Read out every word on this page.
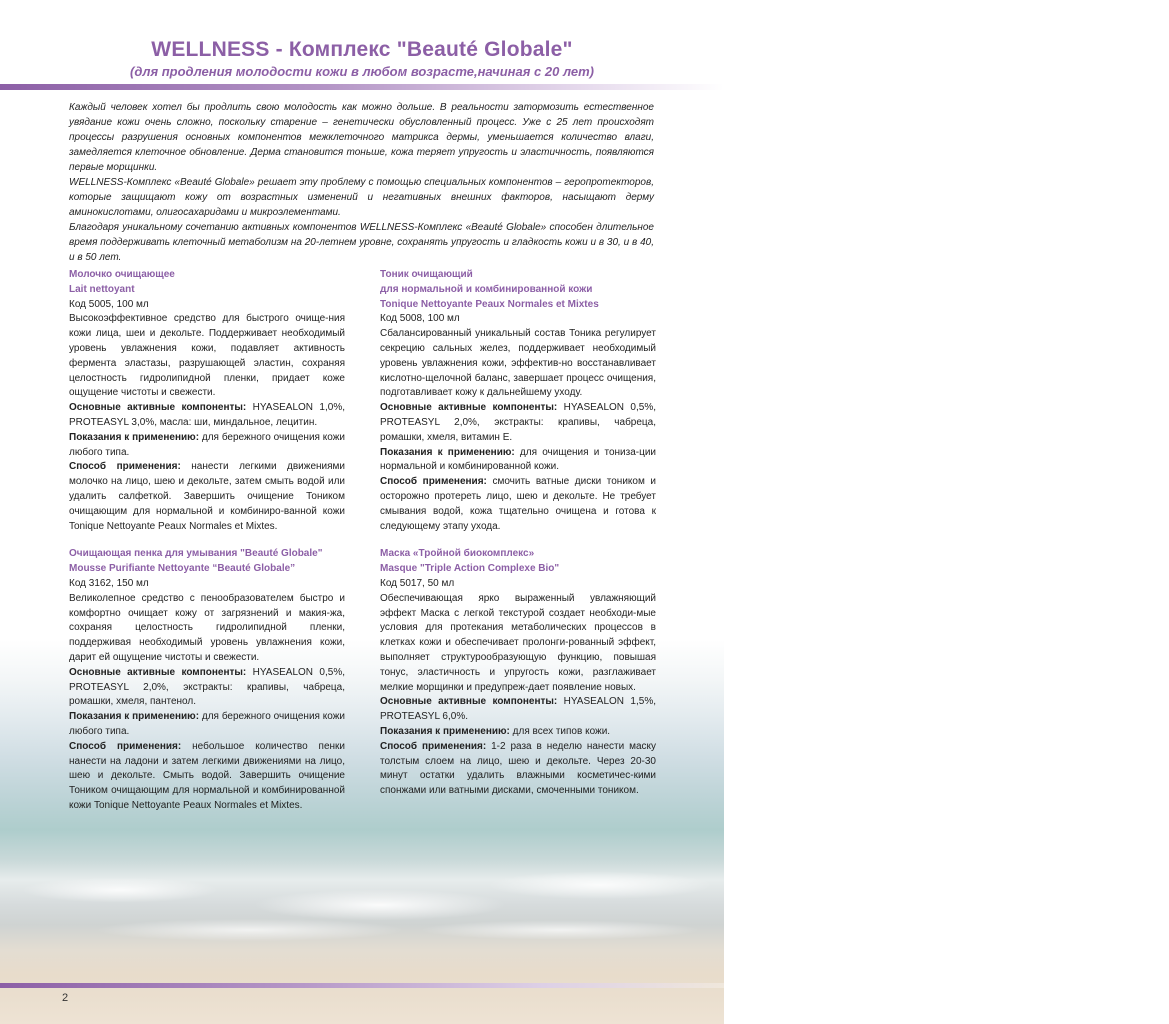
WELLNESS - Комплекс "Beauté Globale"
(для продления молодости кожи в любом возрасте,начиная с 20 лет)

Каждый человек хотел бы продлить свою молодость как можно дольше. В реальности затормозить естественное увядание кожи очень сложно, поскольку старение – генетически обусловленный процесс. Уже с 25 лет происходят процессы разрушения основных компонентов межклеточного матрикса дермы, уменьшается количество влаги, замедляется клеточное обновление. Дерма становится тоньше, кожа теряет упругость и эластичность, появляются первые морщинки.

WELLNESS-Комплекс «Beauté Globale» решает эту проблему с помощью специальных компонентов – геропротекторов, которые защищают кожу от возрастных изменений и негативных внешних факторов, насыщают дерму аминокислотами, олигосахаридами и микроэлементами.

Благодаря уникальному сочетанию активных компонентов WELLNESS-Комплекс «Beauté Globale» способен длительное время поддерживать клеточный метаболизм на 20-летнем уровне, сохранять упругость и гладкость кожи и в 30, и в 40, и в 50 лет.

Молочко очищающее
Lait nettoyant
Код 5005, 100 мл

Высокоэффективное средство для быстрого очище-ния кожи лица, шеи и декольте. Поддерживает необходимый уровень увлажнения кожи, подавляет активность фермента эластазы, разрушающей эластин, сохраняя целостность гидролипидной пленки, придает коже ощущение чистоты и свежести.

Основные активные компоненты: HYASEALON 1,0%, PROTEASYL 3,0%, масла: ши, миндальное, лецитин.

Показания к применению: для бережного очищения кожи любого типа.

Способ применения: нанести легкими движениями молочко на лицо, шею и декольте, затем смыть водой или удалить салфеткой. Завершить очищение Тоником очищающим для нормальной и комбиниро-ванной кожи Tonique Nettoyante Peaux Normales et Mixtes.

Очищающая пенка для умывания "Beauté Globale"
Mousse Purifiante Nettoyante “Beauté Globale”
Код 3162, 150 мл

Великолепное средство с пенообразователем быстро и комфортно очищает кожу от загрязнений и макия-жа, сохраняя целостность гидролипидной пленки, поддерживая необходимый уровень увлажнения кожи, дарит ей ощущение чистоты и свежести.

Основные активные компоненты: HYASEALON 0,5%, PROTEASYL 2,0%, экстракты: крапивы, чабреца, ромашки, хмеля, пантенол.

Показания к применению: для бережного очищения кожи любого типа.

Способ применения: небольшое количество пенки нанести на ладони и затем легкими движениями на лицо, шею и декольте. Смыть водой. Завершить очищение Тоником очищающим для нормальной и комбинированной кожи Tonique Nettoyante Peaux Normales et Mixtes.

Тоник очищающий
для нормальной и комбинированной кожи
Tonique Nettoyante Peaux Normales et Mixtes
Код 5008, 100 мл

Сбалансированный уникальный состав Тоника регулирует секрецию сальных желез, поддерживает необходимый уровень увлажнения кожи, эффектив-но восстанавливает кислотно-щелочной баланс, завершает процесс очищения, подготавливает кожу к дальнейшему уходу.

Основные активные компоненты: HYASEALON 0,5%, PROTEASYL 2,0%, экстракты: крапивы, чабреца, ромашки, хмеля, витамин Е.

Показания к применению: для очищения и тониза-ции нормальной и комбинированной кожи.

Способ применения: смочить ватные диски тоником и осторожно протереть лицо, шею и декольте. Не требует смывания водой, кожа тщательно очищена и готова к следующему этапу ухода.

Маска «Тройной биокомплекс»
Masque "Triple Action Complexe Bio"
Код 5017, 50 мл

Обеспечивающая ярко выраженный увлажняющий эффект Маска с легкой текстурой создает необходи-мые условия для протекания метаболических процессов в клетках кожи и обеспечивает пролонги-рованный эффект, выполняет структурообразующую функцию, повышая тонус, эластичность и упругость кожи, разглаживает мелкие морщинки и предупреж-дает появление новых.

Основные активные компоненты: HYASEALON 1,5%, PROTEASYL 6,0%.

Показания к применению: для всех типов кожи.

Способ применения: 1-2 раза в неделю нанести маску толстым слоем на лицо, шею и декольте. Через 20-30 минут остатки удалить влажными косметичес-кими спонжами или ватными дисками, смоченными тоником.

2
